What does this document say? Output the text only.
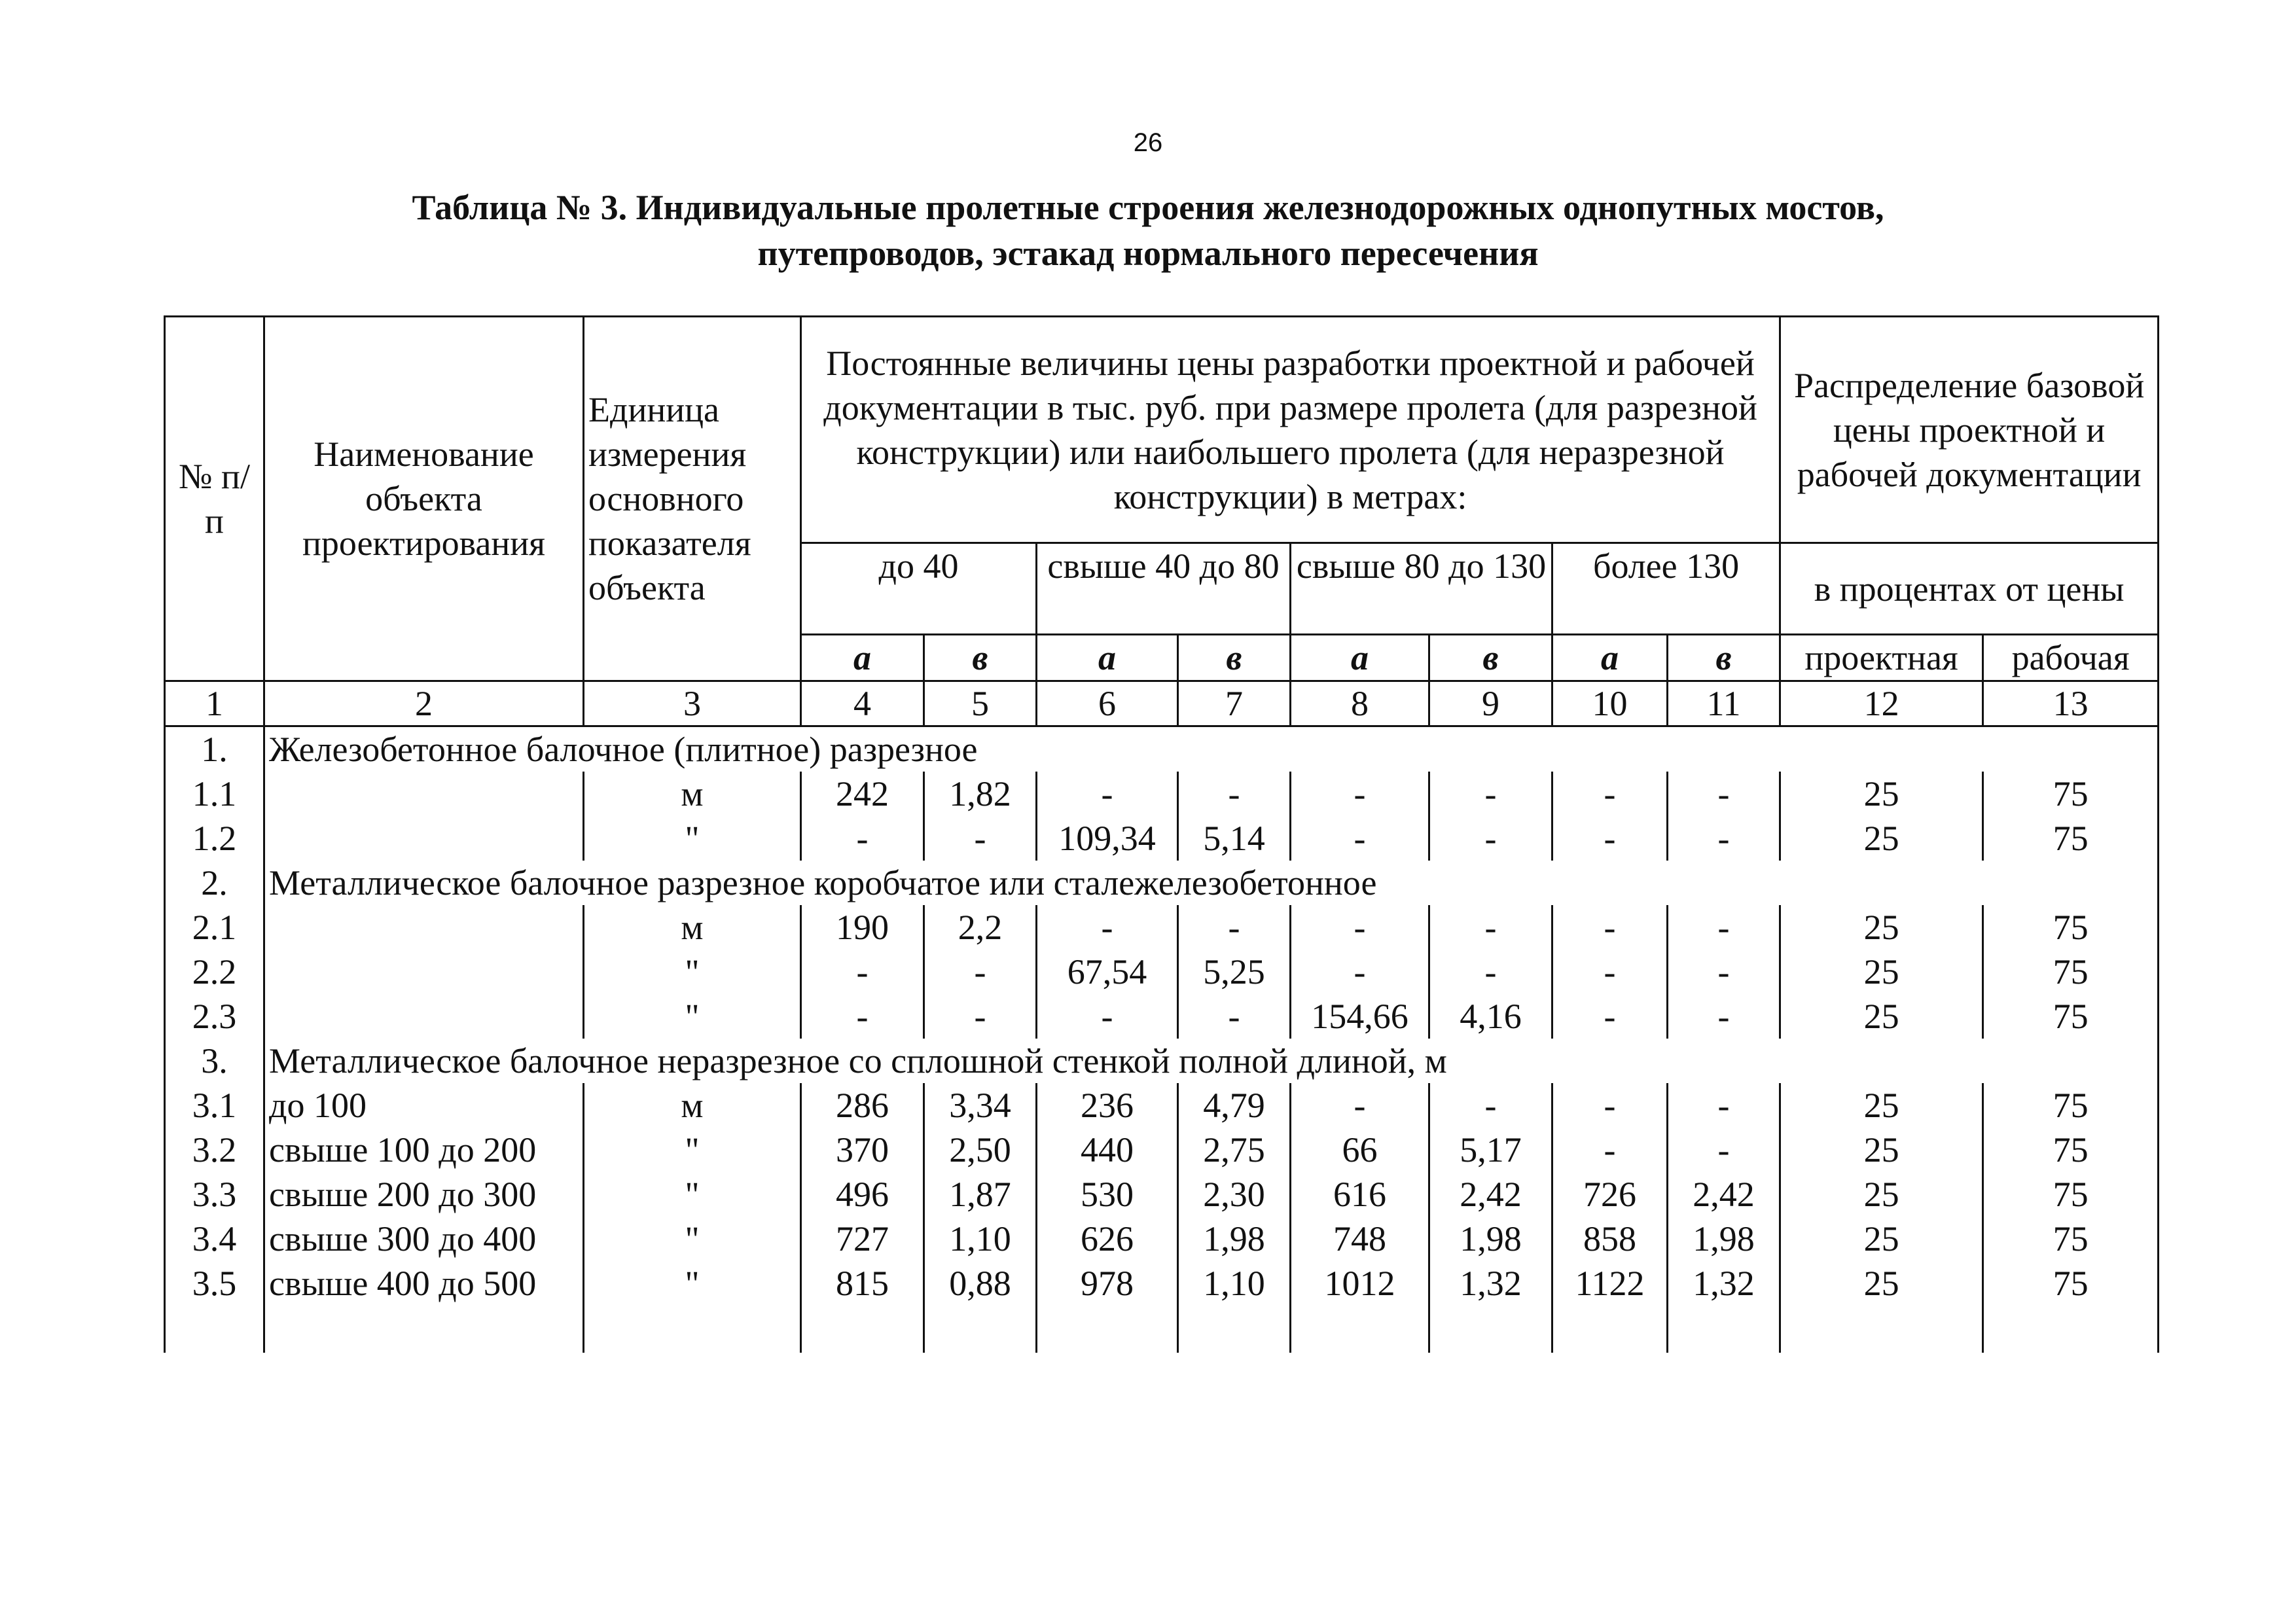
26
Таблица № 3. Индивидуальные пролетные строения железнодорожных однопутных мостов,
путепроводов, эстакад нормального пересечения
№ п/п	Наименование объекта проектирования	Единица измерения основного показателя объекта	Постоянные величины цены разработки проектной и рабочей документации в тыс. руб. при размере пролета (для разрезной конструкции) или наибольшего пролета (для неразрезной конструкции) в метрах:								Распределение базовой цены проектной и рабочей документации	
			до 40		свыше 40 до 80		свыше 80 до 130		более 130		в процентах от цены	
			а	в	а	в	а	в	а	в	проектная	рабочая
1	2	3	4	5	6	7	8	9	10	11	12	13
1.	Железобетонное балочное (плитное) разрезное											
1.1		м	242	1,82	-	-	-	-	-	-	25	75
1.2		"	-	-	109,34	5,14	-	-	-	-	25	75
2.	Металлическое балочное разрезное коробчатое или сталежелезобетонное											
2.1		м	190	2,2	-	-	-	-	-	-	25	75
2.2		"	-	-	67,54	5,25	-	-	-	-	25	75
2.3		"	-	-	-	-	154,66	4,16	-	-	25	75
3.	Металлическое балочное неразрезное со сплошной стенкой полной длиной, м											
3.1	до 100	м	286	3,34	236	4,79	-	-	-	-	25	75
3.2	свыше 100 до 200	"	370	2,50	440	2,75	66	5,17	-	-	25	75
3.3	свыше 200 до 300	"	496	1,87	530	2,30	616	2,42	726	2,42	25	75
3.4	свыше 300 до 400	"	727	1,10	626	1,98	748	1,98	858	1,98	25	75
3.5	свыше 400 до 500	"	815	0,88	978	1,10	1012	1,32	1122	1,32	25	75
